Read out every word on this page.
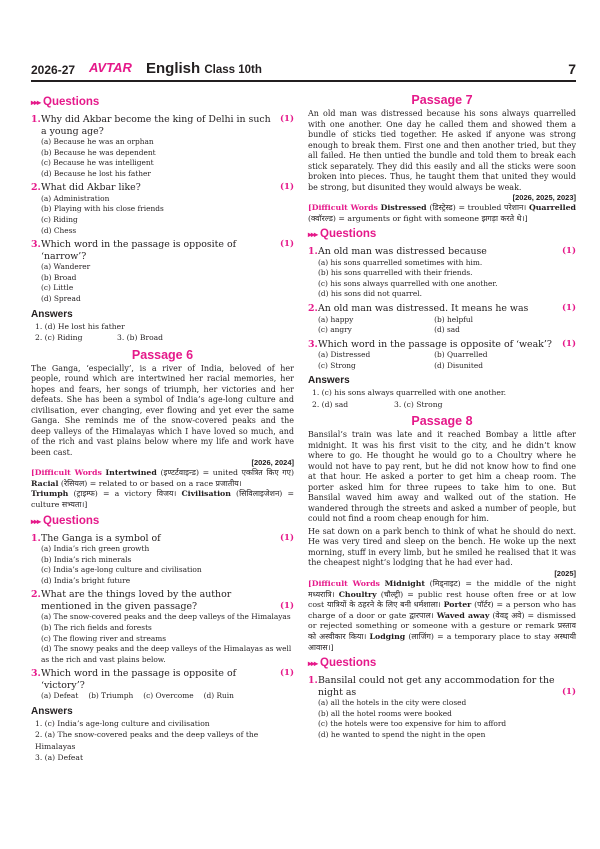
2026-27 AVTAR English Class 10th	7
▸▸▸ Questions
1. Why did Akbar become the king of Delhi in such a young age?
(1)
(a) Because he was an orphan
(b) Because he was dependent
(c) Because he was intelligent
(d) Because he lost his father
2. What did Akbar like?	(1)
(a) Administration
(b) Playing with his close friends
(c) Riding
(d) Chess
3. Which word in the passage is opposite of ‘narrow’?
(1)
(a) Wanderer
(b) Broad
(c) Little
(d) Spread
Answers
1. (d) He lost his father
2. (c) Riding	3. (b) Broad
Passage 6
The Ganga, ‘especially’, is a river of India, beloved of her people, round which are intertwined her racial memories, her hopes and fears, her songs of triumph, her victories and her defeats. She has been a symbol of India’s age-long culture and civilisation, ever changing, ever flowing and yet ever the same Ganga. She reminds me of the snow-covered peaks and the deep valleys of the Himalayas which I have loved so much, and of the rich and vast plains below where my life and work have been cast.
[2026, 2024]
[Difficult Words Intertwined (इण्टर्टवाइन्ड) = united एकत्रित किए गए) Racial (रेसियल) = related to or based on a race प्रजातीय।
Triumph (ट्राइम्फ) = a victory विजय। Civilisation (सिविलाइजेशन) = culture सभ्यता।]
▸▸▸ Questions
1. The Ganga is a symbol of	(1)
(a) India’s rich green growth
(b) India’s rich minerals
(c) India’s age-long culture and civilisation
(d) India’s bright future
2. What are the things loved by the author mentioned in the given passage?	(1)
(a) The snow-covered peaks and the deep valleys of the Himalayas
(b) The rich fields and forests
(c) The flowing river and streams
(d) The snowy peaks and the deep valleys of the Himalayas as well as the rich and vast plains below.
3. Which word in the passage is opposite of ‘victory’?
(1)
(a) Defeat (b) Triumph (c) Overcome (d) Ruin
Answers
1. (c) India’s age-long culture and civilisation
2. (a) The snow-covered peaks and the deep valleys of the Himalayas
3. (a) Defeat
Passage 7
An old man was distressed because his sons always quarrelled with one another. One day he called them and showed them a bundle of sticks tied together. He asked if anyone was strong enough to break them. First one and then another tried, but they all failed. He then untied the bundle and told them to break each stick separately. They did this easily and all the sticks were soon broken into pieces. Thus, he taught them that united they would be strong, but disunited they would always be weak.
[2026, 2025, 2023]
[Difficult Words Distressed (डिस्ट्रेस्ड) = troubled परेशान। Quarrelled (क्वॉरल्ड) = arguments or fight with someone झगड़ा करते थे।]
▸▸▸ Questions
1. An old man was distressed because	(1)
(a) his sons quarrelled sometimes with him.
(b) his sons quarrelled with their friends.
(c) his sons always quarrelled with one another.
(d) his sons did not quarrel.
2. An old man was distressed. It means he was	(1)
(a) happy	(b) helpful
(c) angry	(d) sad
3. Which word in the passage is opposite of ‘weak’? (1)
(a) Distressed	(b) Quarrelled
(c) Strong	(d) Disunited
Answers
1. (c) his sons always quarrelled with one another.
2. (d) sad	3. (c) Strong
Passage 8
Bansilal’s train was late and it reached Bombay a little after midnight. It was his first visit to the city, and he didn’t know where to go. He thought he would go to a Choultry where he would not have to pay rent, but he did not know how to find one at that hour. He asked a porter to get him a cheap room. The porter asked him for three rupees to take him to one. But Bansilal waved him away and walked out of the station. He wandered through the streets and asked a number of people, but could not find a room cheap enough for him.
He sat down on a park bench to think of what he should do next. He was very tired and sleep on the bench. He woke up the next morning, stuff in every limb, but he smiled he realised that it was the cheapest night’s lodging that he had ever had.
[2025]
[Difficult Words Midnight (मिड्नाइट) = the middle of the night मध्यरात्रि। Choultry (चौल्ट्री) = public rest house often free or at low cost यात्रियों के ठहरने के लिए बनी धर्मशाला। Porter (पॉर्टर) = a person who has charge of a door or gate द्वारपाल। Waved away (वेवड् अवे) = dismissed or rejected something or someone with a gesture or remark प्रस्ताव को अस्वीकार किया। Lodging (लाजिंग) = a temporary place to stay अस्थायी आवास।]
▸▸▸ Questions
1. Bansilal could not get any accommodation for the night as	(1)
(a) all the hotels in the city were closed
(b) all the hotel rooms were booked
(c) the hotels were too expensive for him to afford
(d) he wanted to spend the night in the open
